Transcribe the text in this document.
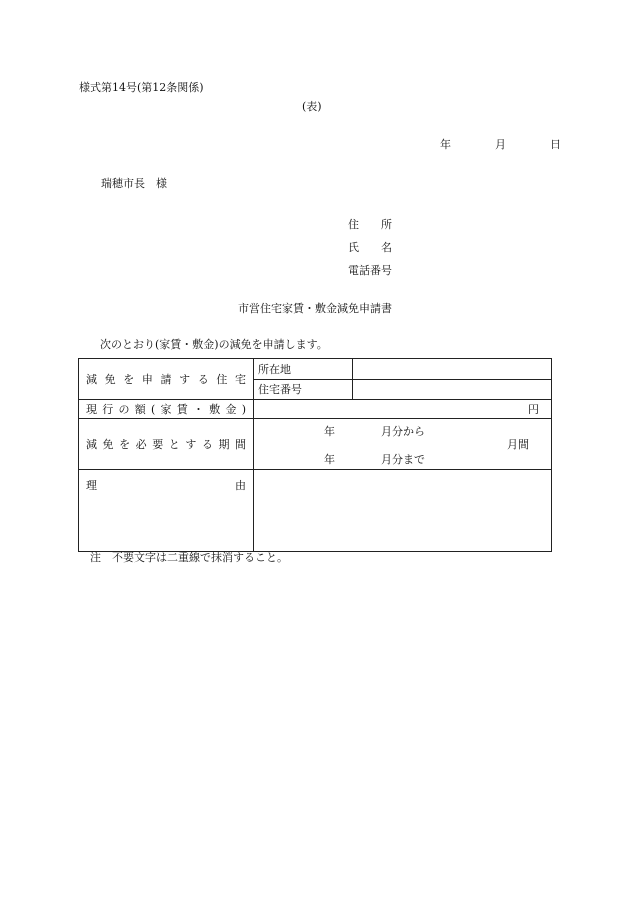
様式第14号(第12条関係)
(表)
年	月	日
瑞穂市長　様
住　　所
氏　　名
電話番号
市営住宅家賃・敷金減免申請書
次のとおり(家賃・敷金)の減免を申請します。
減免を申請する住宅	所在地	
	住宅番号	
現行の額(家賃・敷金)	円	
減免を必要とする期間	年 月分から
月間
年 月分まで	

理由		
注　不要文字は二重線で抹消すること。
